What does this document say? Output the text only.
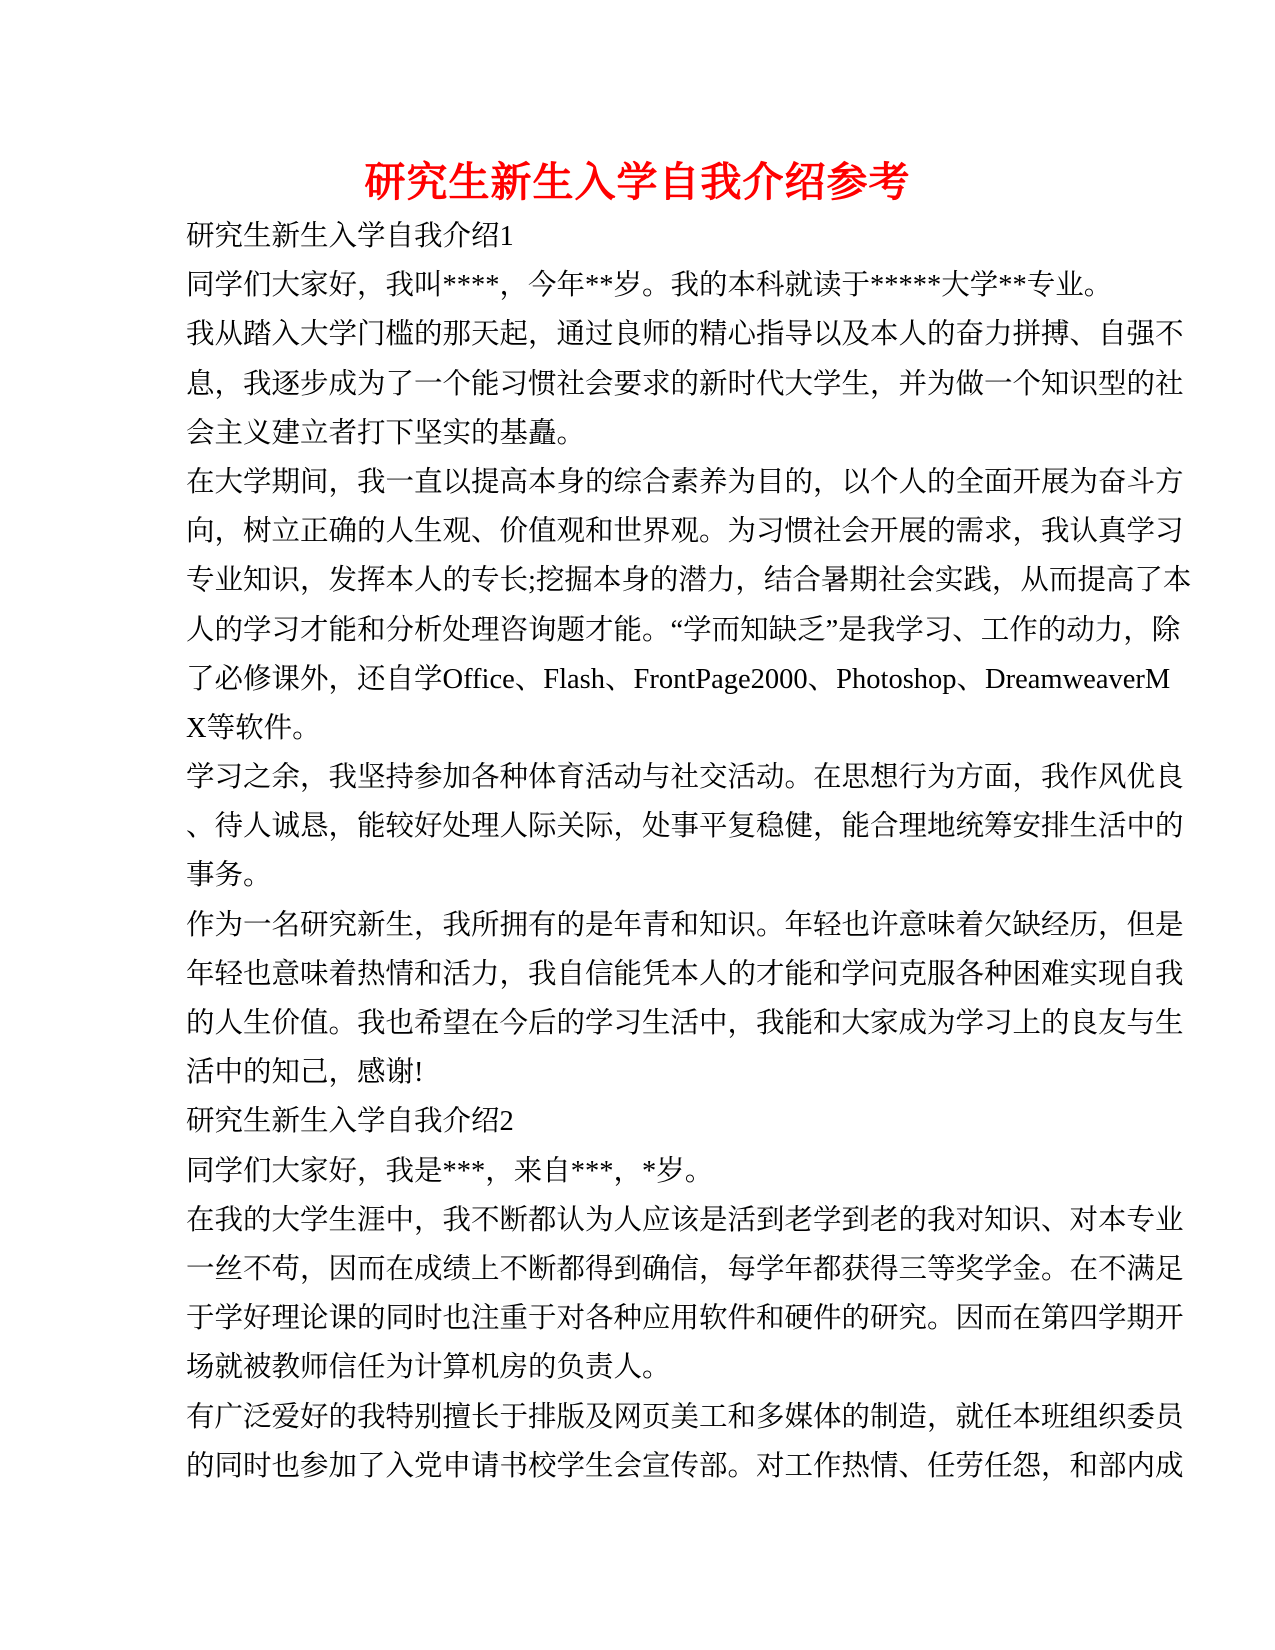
研究生新生入学自我介绍参考
研究生新生入学自我介绍1
同学们大家好，我叫****，今年**岁。我的本科就读于*****大学**专业。
我从踏入大学门槛的那天起，通过良师的精心指导以及本人的奋力拼搏、自强不
息，我逐步成为了一个能习惯社会要求的新时代大学生，并为做一个知识型的社
会主义建立者打下坚实的基矗。
在大学期间，我一直以提高本身的综合素养为目的，以个人的全面开展为奋斗方
向，树立正确的人生观、价值观和世界观。为习惯社会开展的需求，我认真学习
专业知识，发挥本人的专长;挖掘本身的潜力，结合暑期社会实践，从而提高了本
人的学习才能和分析处理咨询题才能。“学而知缺乏”是我学习、工作的动力，除
了必修课外，还自学Office、Flash、FrontPage2000、Photoshop、DreamweaverM
X等软件。
学习之余，我坚持参加各种体育活动与社交活动。在思想行为方面，我作风优良
、待人诚恳，能较好处理人际关际，处事平复稳健，能合理地统筹安排生活中的
事务。
作为一名研究新生，我所拥有的是年青和知识。年轻也许意味着欠缺经历，但是
年轻也意味着热情和活力，我自信能凭本人的才能和学问克服各种困难实现自我
的人生价值。我也希望在今后的学习生活中，我能和大家成为学习上的良友与生
活中的知己，感谢!
研究生新生入学自我介绍2
同学们大家好，我是***，来自***，*岁。
在我的大学生涯中，我不断都认为人应该是活到老学到老的我对知识、对本专业
一丝不苟，因而在成绩上不断都得到确信，每学年都获得三等奖学金。在不满足
于学好理论课的同时也注重于对各种应用软件和硬件的研究。因而在第四学期开
场就被教师信任为计算机房的负责人。
有广泛爱好的我特别擅长于排版及网页美工和多媒体的制造，就任本班组织委员
的同时也参加了入党申请书校学生会宣传部。对工作热情、任劳任怨，和部内成
